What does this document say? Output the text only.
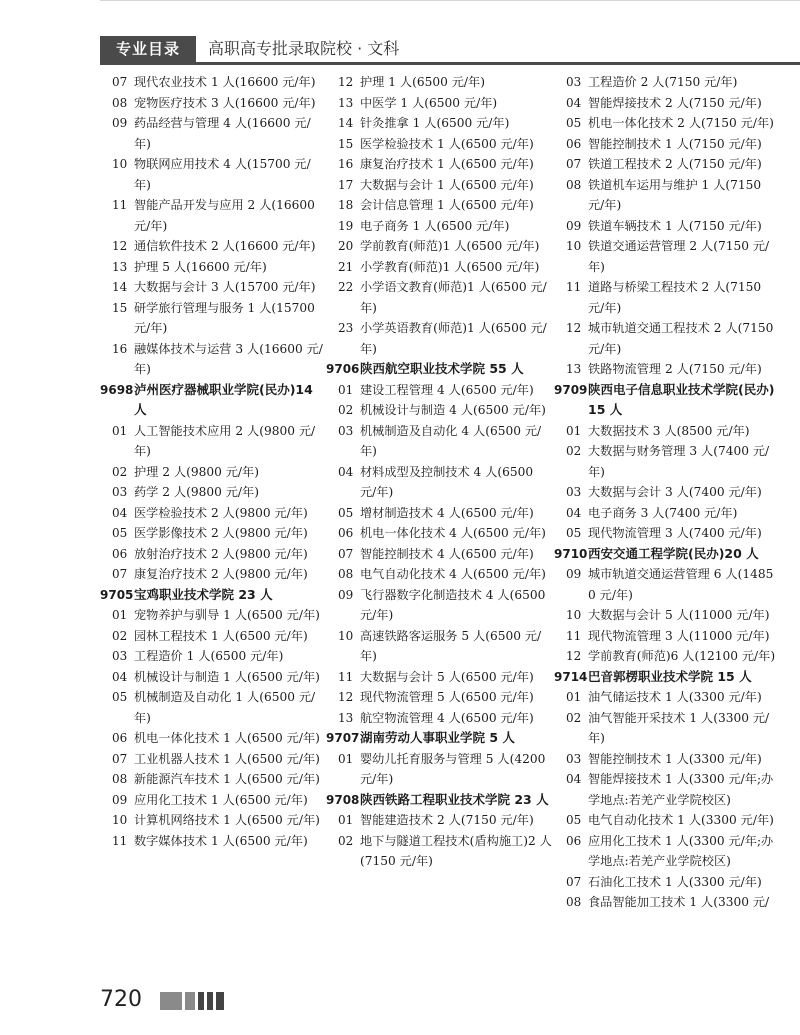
专业目录	高职高专批录取院校 · 文科
07 现代农业技术 1 人(16600 元/年)
08 宠物医疗技术 3 人(16600 元/年)
09 药品经营与管理 4 人(16600 元/年)
10 物联网应用技术 4 人(15700 元/年)
11 智能产品开发与应用 2 人(16600 元/年)
12 通信软件技术 2 人(16600 元/年)
13 护理 5 人(16600 元/年)
14 大数据与会计 3 人(15700 元/年)
15 研学旅行管理与服务 1 人(15700 元/年)
16 融媒体技术与运营 3 人(16600 元/年)
9698 泸州医疗器械职业学院(民办)14 人
01 人工智能技术应用 2 人(9800 元/年)
02 护理 2 人(9800 元/年)
03 药学 2 人(9800 元/年)
04 医学检验技术 2 人(9800 元/年)
05 医学影像技术 2 人(9800 元/年)
06 放射治疗技术 2 人(9800 元/年)
07 康复治疗技术 2 人(9800 元/年)
9705 宝鸡职业技术学院 23 人
01 宠物养护与驯导 1 人(6500 元/年)
02 园林工程技术 1 人(6500 元/年)
03 工程造价 1 人(6500 元/年)
04 机械设计与制造 1 人(6500 元/年)
05 机械制造及自动化 1 人(6500 元/年)
06 机电一体化技术 1 人(6500 元/年)
07 工业机器人技术 1 人(6500 元/年)
08 新能源汽车技术 1 人(6500 元/年)
09 应用化工技术 1 人(6500 元/年)
10 计算机网络技术 1 人(6500 元/年)
11 数字媒体技术 1 人(6500 元/年)
12 护理 1 人(6500 元/年)
13 中医学 1 人(6500 元/年)
14 针灸推拿 1 人(6500 元/年)
15 医学检验技术 1 人(6500 元/年)
16 康复治疗技术 1 人(6500 元/年)
17 大数据与会计 1 人(6500 元/年)
18 会计信息管理 1 人(6500 元/年)
19 电子商务 1 人(6500 元/年)
20 学前教育(师范)1 人(6500 元/年)
21 小学教育(师范)1 人(6500 元/年)
22 小学语文教育(师范)1 人(6500 元/年)
23 小学英语教育(师范)1 人(6500 元/年)
9706 陕西航空职业技术学院 55 人
01 建设工程管理 4 人(6500 元/年)
02 机械设计与制造 4 人(6500 元/年)
03 机械制造及自动化 4 人(6500 元/年)
04 材料成型及控制技术 4 人(6500 元/年)
05 增材制造技术 4 人(6500 元/年)
06 机电一体化技术 4 人(6500 元/年)
07 智能控制技术 4 人(6500 元/年)
08 电气自动化技术 4 人(6500 元/年)
09 飞行器数字化制造技术 4 人(6500 元/年)
10 高速铁路客运服务 5 人(6500 元/年)
11 大数据与会计 5 人(6500 元/年)
12 现代物流管理 5 人(6500 元/年)
13 航空物流管理 4 人(6500 元/年)
9707 湖南劳动人事职业学院 5 人
01 婴幼儿托育服务与管理 5 人(4200 元/年)
9708 陕西铁路工程职业技术学院 23 人
01 智能建造技术 2 人(7150 元/年)
02 地下与隧道工程技术(盾构施工)2 人(7150 元/年)
03 工程造价 2 人(7150 元/年)
04 智能焊接技术 2 人(7150 元/年)
05 机电一体化技术 2 人(7150 元/年)
06 智能控制技术 1 人(7150 元/年)
07 铁道工程技术 2 人(7150 元/年)
08 铁道机车运用与维护 1 人(7150 元/年)
09 铁道车辆技术 1 人(7150 元/年)
10 铁道交通运营管理 2 人(7150 元/年)
11 道路与桥梁工程技术 2 人(7150 元/年)
12 城市轨道交通工程技术 2 人(7150 元/年)
13 铁路物流管理 2 人(7150 元/年)
9709 陕西电子信息职业技术学院(民办)15 人
01 大数据技术 3 人(8500 元/年)
02 大数据与财务管理 3 人(7400 元/年)
03 大数据与会计 3 人(7400 元/年)
04 电子商务 3 人(7400 元/年)
05 现代物流管理 3 人(7400 元/年)
9710 西安交通工程学院(民办)20 人
09 城市轨道交通运营管理 6 人(14850 元/年)
10 大数据与会计 5 人(11000 元/年)
11 现代物流管理 3 人(11000 元/年)
12 学前教育(师范)6 人(12100 元/年)
9714 巴音郭楞职业技术学院 15 人
01 油气储运技术 1 人(3300 元/年)
02 油气智能开采技术 1 人(3300 元/年)
03 智能控制技术 1 人(3300 元/年)
04 智能焊接技术 1 人(3300 元/年;办学地点:若羌产业学院校区)
05 电气自动化技术 1 人(3300 元/年)
06 应用化工技术 1 人(3300 元/年;办学地点:若羌产业学院校区)
07 石油化工技术 1 人(3300 元/年)
08 食品智能加工技术 1 人(3300 元/
720
